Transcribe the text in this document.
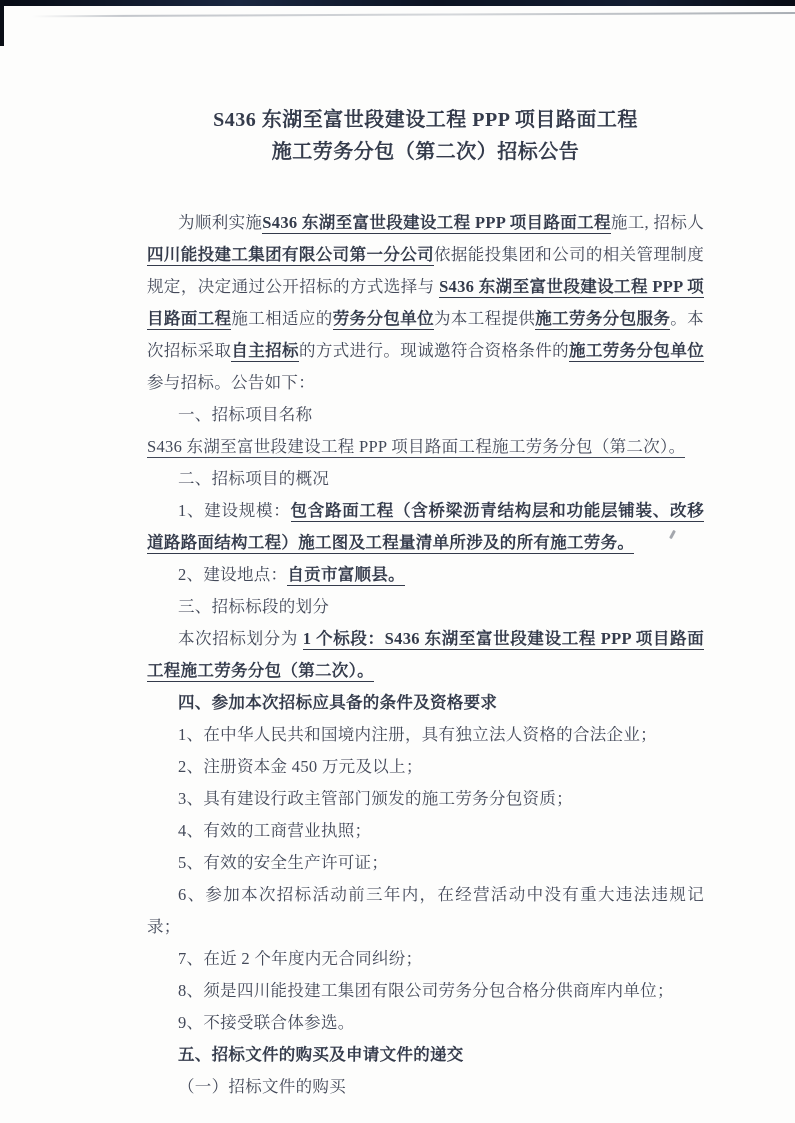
S436 东湖至富世段建设工程 PPP 项目路面工程
施工劳务分包（第二次）招标公告

为顺利实施S436 东湖至富世段建设工程 PPP 项目路面工程施工, 招标人四川能投建工集团有限公司第一分公司依据能投集团和公司的相关管理制度规定，决定通过公开招标的方式选择与 S436 东湖至富世段建设工程 PPP 项目路面工程施工相适应的劳务分包单位为本工程提供施工劳务分包服务。本次招标采取自主招标的方式进行。现诚邀符合资格条件的施工劳务分包单位参与招标。公告如下：

一、招标项目名称

S436 东湖至富世段建设工程 PPP 项目路面工程施工劳务分包（第二次）。

二、招标项目的概况

1、建设规模：包含路面工程（含桥梁沥青结构层和功能层铺装、改移道路路面结构工程）施工图及工程量清单所涉及的所有施工劳务。

2、建设地点：自贡市富顺县。

三、招标标段的划分

本次招标划分为 1 个标段：S436 东湖至富世段建设工程 PPP 项目路面工程施工劳务分包（第二次）。

四、参加本次招标应具备的条件及资格要求

1、在中华人民共和国境内注册，具有独立法人资格的合法企业；

2、注册资本金 450 万元及以上；

3、具有建设行政主管部门颁发的施工劳务分包资质；

4、有效的工商营业执照；

5、有效的安全生产许可证；

6、参加本次招标活动前三年内，在经营活动中没有重大违法违规记录；

7、在近 2 个年度内无合同纠纷；

8、须是四川能投建工集团有限公司劳务分包合格分供商库内单位；

9、不接受联合体参选。

五、招标文件的购买及申请文件的递交

（一）招标文件的购买
